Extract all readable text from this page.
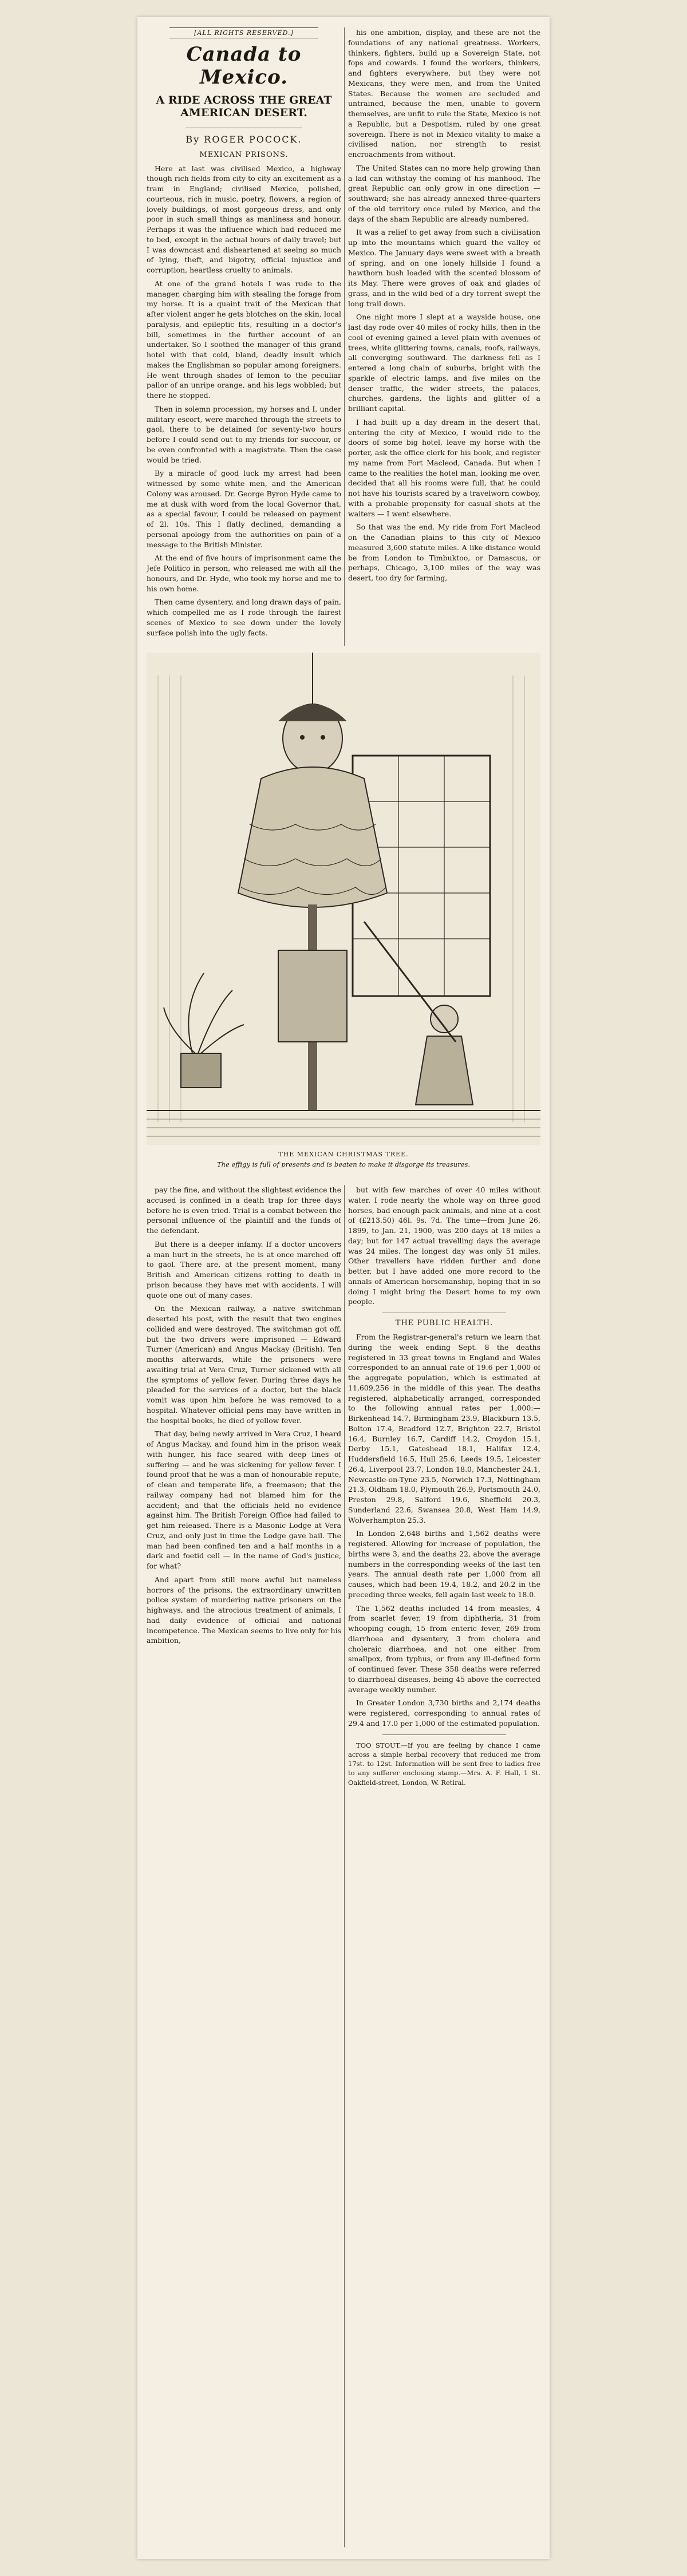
[ALL RIGHTS RESERVED.]
Canada to Mexico.
A RIDE ACROSS THE GREAT AMERICAN DESERT.
By ROGER POCOCK.
MEXICAN PRISONS.

Here at last was civilised Mexico, a highway though rich fields from city to city an excitement as a tram in England; civilised Mexico, polished, courteous, rich in music, poetry, flowers, a region of lovely buildings, of most gorgeous dress, and only poor in such small things as manliness and honour. Perhaps it was the influence which had reduced me to bed, except in the actual hours of daily travel; but I was downcast and disheartened at seeing so much of lying, theft, and bigotry, official injustice and corruption, heartless cruelty to animals.

At one of the grand hotels I was rude to the manager, charging him with stealing the forage from my horse. It is a quaint trait of the Mexican that after violent anger he gets blotches on the skin, local paralysis, and epileptic fits, resulting in a doctor's bill, sometimes in the further account of an undertaker. So I soothed the manager of this grand hotel with that cold, bland, deadly insult which makes the Englishman so popular among foreigners. He went through shades of lemon to the peculiar pallor of an unripe orange, and his legs wobbled; but there he stopped.

Then in solemn procession, my horses and I, under military escort, were marched through the streets to gaol, there to be detained for seventy-two hours before I could send out to my friends for succour, or be even confronted with a magistrate. Then the case would be tried.

By a miracle of good luck my arrest had been witnessed by some white men, and the American Colony was aroused. Dr. George Byron Hyde came to me at dusk with word from the local Governor that, as a special favour, I could be released on payment of 2l. 10s. This I flatly declined, demanding a personal apology from the authorities on pain of a message to the British Minister.

At the end of five hours of imprisonment came the Jefe Politico in person, who released me with all the honours, and Dr. Hyde, who took my horse and me to his own home.

Then came dysentery, and long drawn days of pain, which compelled me as I rode through the fairest scenes of Mexico to see down under the lovely surface polish into the ugly facts.

his one ambition, display, and these are not the foundations of any national greatness. Workers, thinkers, fighters, build up a Sovereign State, not fops and cowards. I found the workers, thinkers, and fighters everywhere, but they were not Mexicans, they were men, and from the United States. Because the women are secluded and untrained, because the men, unable to govern themselves, are unfit to rule the State, Mexico is not a Republic, but a Despotism, ruled by one great sovereign. There is not in Mexico vitality to make a civilised nation, nor strength to resist encroachments from without.

The United States can no more help growing than a lad can withstay the coming of his manhood. The great Republic can only grow in one direction —southward; she has already annexed three-quarters of the old territory once ruled by Mexico, and the days of the sham Republic are already numbered.

It was a relief to get away from such a civilisation up into the mountains which guard the valley of Mexico. The January days were sweet with a breath of spring, and on one lonely hillside I found a hawthorn bush loaded with the scented blossom of its May. There were groves of oak and glades of grass, and in the wild bed of a dry torrent swept the long trail down.

One night more I slept at a wayside house, one last day rode over 40 miles of rocky hills, then in the cool of evening gained a level plain with avenues of trees, white glittering towns, canals, roofs, railways, all converging southward. The darkness fell as I entered a long chain of suburbs, bright with the sparkle of electric lamps, and five miles on the denser traffic, the wider streets, the palaces, churches, gardens, the lights and glitter of a brilliant capital.

I had built up a day dream in the desert that, entering the city of Mexico, I would ride to the doors of some big hotel, leave my horse with the porter, ask the office clerk for his book, and register my name from Fort Macleod, Canada. But when I came to the realities the hotel man, looking me over, decided that all his rooms were full, that he could not have his tourists scared by a travelworn cowboy, with a probable propensity for casual shots at the waiters — I went elsewhere.

So that was the end. My ride from Fort Macleod on the Canadian plains to this city of Mexico measured 3,600 statute miles. A like distance would be from London to Timbuktoo, or Damascus, or perhaps, Chicago, 3,100 miles of the way was desert, too dry for farming,

THE MEXICAN CHRISTMAS TREE.
The effigy is full of presents and is beaten to make it disgorge its treasures.

pay the fine, and without the slightest evidence the accused is confined in a death trap for three days before he is even tried. Trial is a combat between the personal influence of the plaintiff and the funds of the defendant.

But there is a deeper infamy. If a doctor uncovers a man hurt in the streets, he is at once marched off to gaol. There are, at the present moment, many British and American citizens rotting to death in prison because they have met with accidents. I will quote one out of many cases.

On the Mexican railway, a native switchman deserted his post, with the result that two engines collided and were destroyed. The switchman got off, but the two drivers were imprisoned — Edward Turner (American) and Angus Mackay (British). Ten months afterwards, while the prisoners were awaiting trial at Vera Cruz, Turner sickened with all the symptoms of yellow fever. During three days he pleaded for the services of a doctor, but the black vomit was upon him before he was removed to a hospital. Whatever official pens may have written in the hospital books, he died of yellow fever.

That day, being newly arrived in Vera Cruz, I heard of Angus Mackay, and found him in the prison weak with hunger, his face seared with deep lines of suffering — and he was sickening for yellow fever. I found proof that he was a man of honourable repute, of clean and temperate life, a freemason; that the railway company had not blamed him for the accident; and that the officials held no evidence against him. The British Foreign Office had failed to get him released. There is a Masonic Lodge at Vera Cruz, and only just in time the Lodge gave bail. The man had been confined ten and a half months in a dark and foetid cell — in the name of God's justice, for what?

And apart from still more awful but nameless horrors of the prisons, the extraordinary unwritten police system of murdering native prisoners on the highways, and the atrocious treatment of animals, I had daily evidence of official and national incompetence. The Mexican seems to live only for his ambition,

but with few marches of over 40 miles without water. I rode nearly the whole way on three good horses, bad enough pack animals, and nine at a cost of (£213.50) 46l. 9s. 7d. The time—from June 26, 1899, to Jan. 21, 1900, was 200 days at 18 miles a day; but for 147 actual travelling days the average was 24 miles. The longest day was only 51 miles. Other travellers have ridden further and done better, but I have added one more record to the annals of American horsemanship, hoping that in so doing I might bring the Desert home to my own people.

THE PUBLIC HEALTH.

From the Registrar-general's return we learn that during the week ending Sept. 8 the deaths registered in 33 great towns in England and Wales corresponded to an annual rate of 19.6 per 1,000 of the aggregate population, which is estimated at 11,609,256 in the middle of this year. The deaths registered, alphabetically arranged, corresponded to the following annual rates per 1,000:—Birkenhead 14.7, Birmingham 23.9, Blackburn 13.5, Bolton 17.4, Bradford 12.7, Brighton 22.7, Bristol 16.4, Burnley 16.7, Cardiff 14.2, Croydon 15.1, Derby 15.1, Gateshead 18.1, Halifax 12.4, Huddersfield 16.5, Hull 25.6, Leeds 19.5, Leicester 26.4, Liverpool 23.7, London 18.0, Manchester 24.1, Newcastle-on-Tyne 23.5, Norwich 17.3, Nottingham 21.3, Oldham 18.0, Plymouth 26.9, Portsmouth 24.0, Preston 29.8, Salford 19.6, Sheffield 20.3, Sunderland 22.6, Swansea 20.8, West Ham 14.9, Wolverhampton 25.3.

In London 2,648 births and 1,562 deaths were registered. Allowing for increase of population, the births were 3, and the deaths 22, above the average numbers in the corresponding weeks of the last ten years. The annual death rate per 1,000 from all causes, which had been 19.4, 18.2, and 20.2 in the preceding three weeks, fell again last week to 18.0.

The 1,562 deaths included 14 from measles, 4 from scarlet fever, 19 from diphtheria, 31 from whooping cough, 15 from enteric fever, 269 from diarrhoea and dysentery, 3 from cholera and choleraic diarrhoea, and not one either from smallpox, from typhus, or from any ill-defined form of continued fever. These 358 deaths were referred to diarrhoeal diseases, being 45 above the corrected average weekly number.

In Greater London 3,730 births and 2,174 deaths were registered, corresponding to annual rates of 29.4 and 17.0 per 1,000 of the estimated population.

TOO STOUT.—If you are feeling by chance I came across a simple herbal recovery that reduced me from 17st. to 12st. Information will be sent free to ladies free to any sufferer enclosing stamp.—Mrs. A. F. Hall, 1 St. Oakfield-street, London, W. Retiral.
